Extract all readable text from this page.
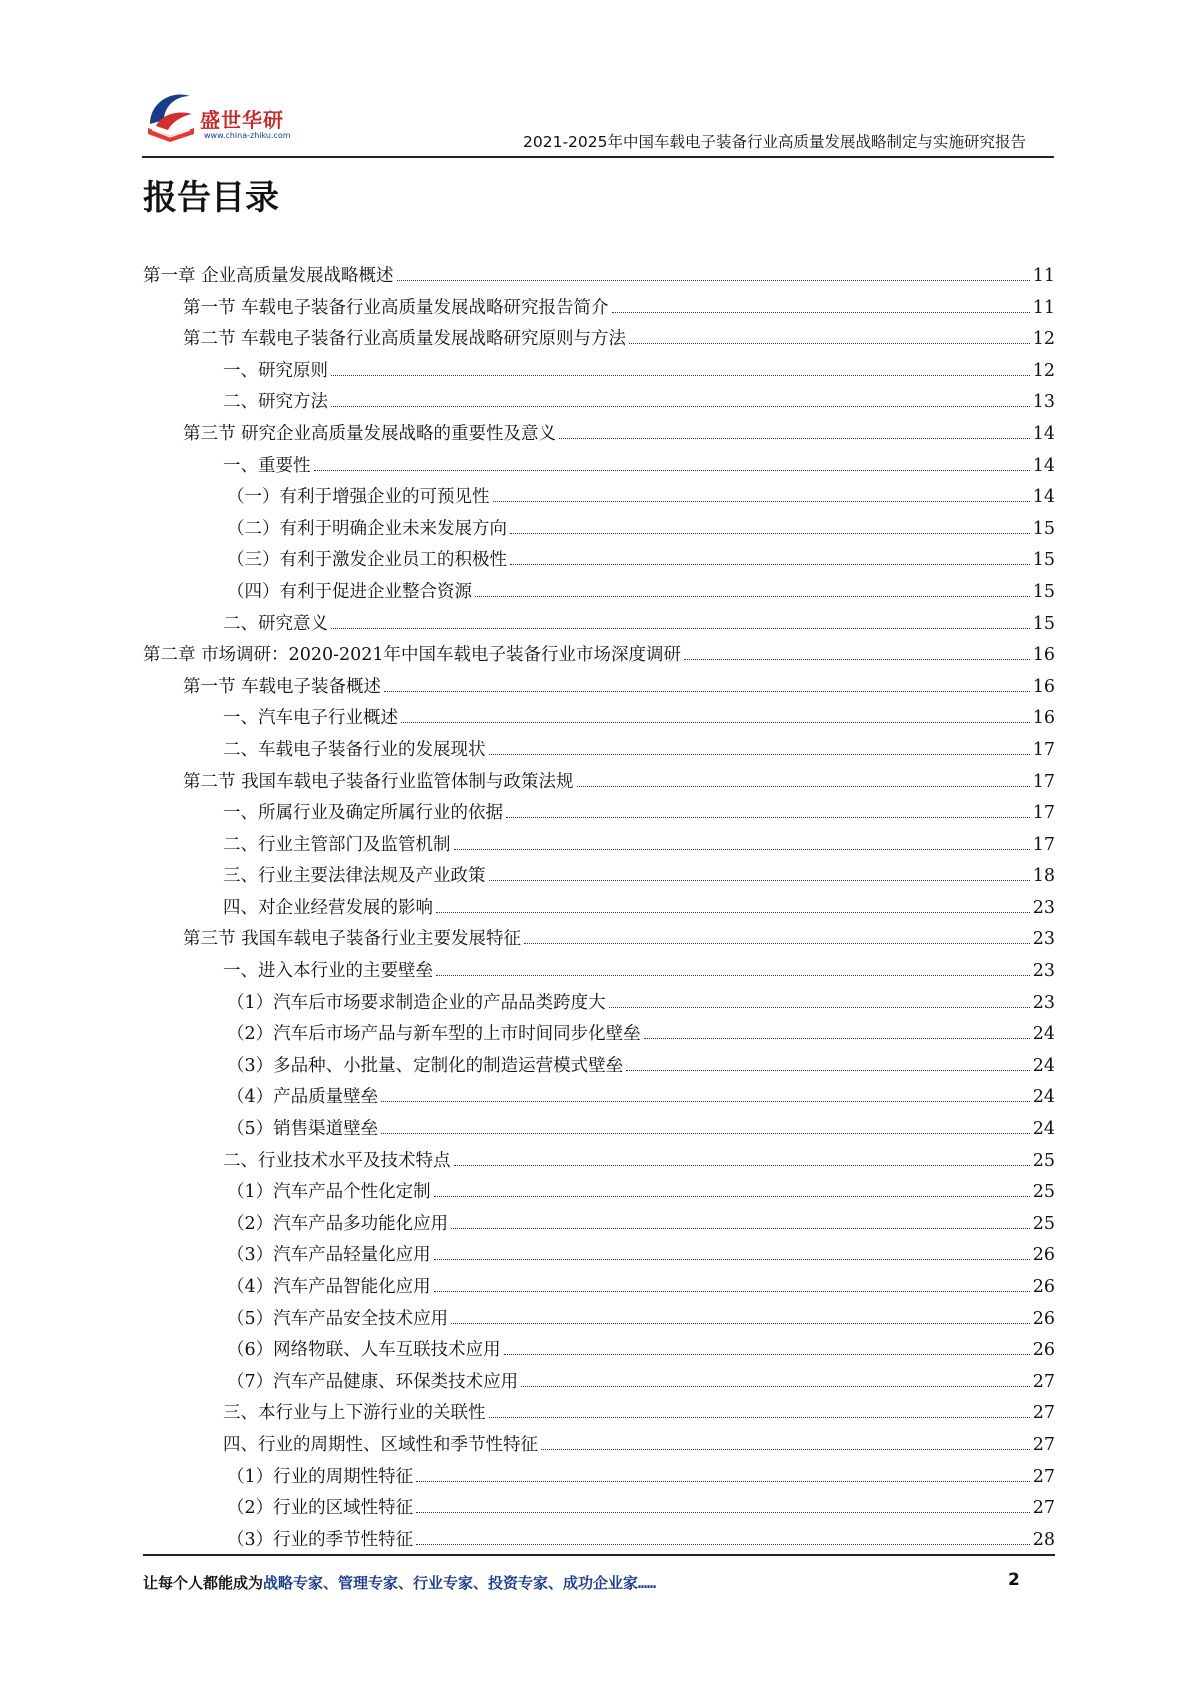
盛世华研
www.china-zhiku.com	2021-2025年中国车载电子装备行业高质量发展战略制定与实施研究报告
报告目录
第一章 企业高质量发展战略概述	11
第一节 车载电子装备行业高质量发展战略研究报告简介	11
第二节 车载电子装备行业高质量发展战略研究原则与方法	12
一、研究原则	12
二、研究方法	13
第三节 研究企业高质量发展战略的重要性及意义	14
一、重要性	14
（一）有利于增强企业的可预见性	14
（二）有利于明确企业未来发展方向	15
（三）有利于激发企业员工的积极性	15
（四）有利于促进企业整合资源	15
二、研究意义	15
第二章 市场调研：2020-2021年中国车载电子装备行业市场深度调研	16
第一节 车载电子装备概述	16
一、汽车电子行业概述	16
二、车载电子装备行业的发展现状	17
第二节 我国车载电子装备行业监管体制与政策法规	17
一、所属行业及确定所属行业的依据	17
二、行业主管部门及监管机制	17
三、行业主要法律法规及产业政策	18
四、对企业经营发展的影响	23
第三节 我国车载电子装备行业主要发展特征	23
一、进入本行业的主要壁垒	23
（1）汽车后市场要求制造企业的产品品类跨度大	23
（2）汽车后市场产品与新车型的上市时间同步化壁垒	24
（3）多品种、小批量、定制化的制造运营模式壁垒	24
（4）产品质量壁垒	24
（5）销售渠道壁垒	24
二、行业技术水平及技术特点	25
（1）汽车产品个性化定制	25
（2）汽车产品多功能化应用	25
（3）汽车产品轻量化应用	26
（4）汽车产品智能化应用	26
（5）汽车产品安全技术应用	26
（6）网络物联、人车互联技术应用	26
（7）汽车产品健康、环保类技术应用	27
三、本行业与上下游行业的关联性	27
四、行业的周期性、区域性和季节性特征	27
（1）行业的周期性特征	27
（2）行业的区域性特征	27
（3）行业的季节性特征	28
让每个人都能成为战略专家、管理专家、行业专家、投资专家、成功企业家……	2
